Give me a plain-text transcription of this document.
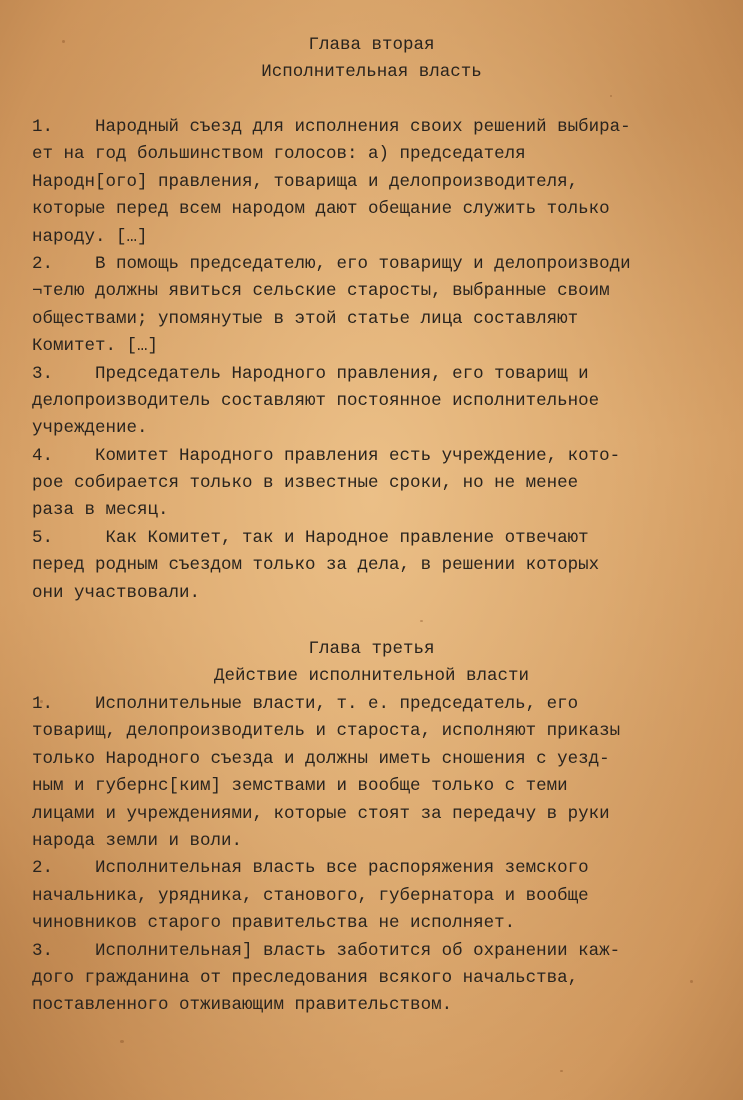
Глава вторая
Исполнительная власть
1.    Народный съезд для исполнения своих решений выбира-
ет на год большинством голосов: а) председателя
Народн[ого] правления, товарища и делопроизводителя,
которые перед всем народом дают обещание служить только
народу. […]
2.    В помощь председателю, его товарищу и делопроизводи
¬телю должны явиться сельские старосты, выбранные своим
обществами; упомянутые в этой статье лица составляют
Комитет. […]
3.    Председатель Народного правления, его товарищ и
делопроизводитель составляют постоянное исполнительное
учреждение.
4.    Комитет Народного правления есть учреждение, кото-
рое собирается только в известные сроки, но не менее
раза в месяц.
5.     Как Комитет, так и Народное правление отвечают
перед родным съездом только за дела, в решении которых
они участвовали.
Глава третья
Действие исполнительной власти
1.    Исполнительные власти, т. е. председатель, его
товарищ, делопроизводитель и староста, исполняют приказы
только Народного съезда и должны иметь сношения с уезд-
ным и губернс[ким] земствами и вообще только с теми
лицами и учреждениями, которые стоят за передачу в руки
народа земли и воли.
2.    Исполнительная власть все распоряжения земского
начальника, урядника, станового, губернатора и вообще
чиновников старого правительства не исполняет.
3.    Исполнительная] власть заботится об охранении каж-
дого гражданина от преследования всякого начальства,
поставленного отживающим правительством.
